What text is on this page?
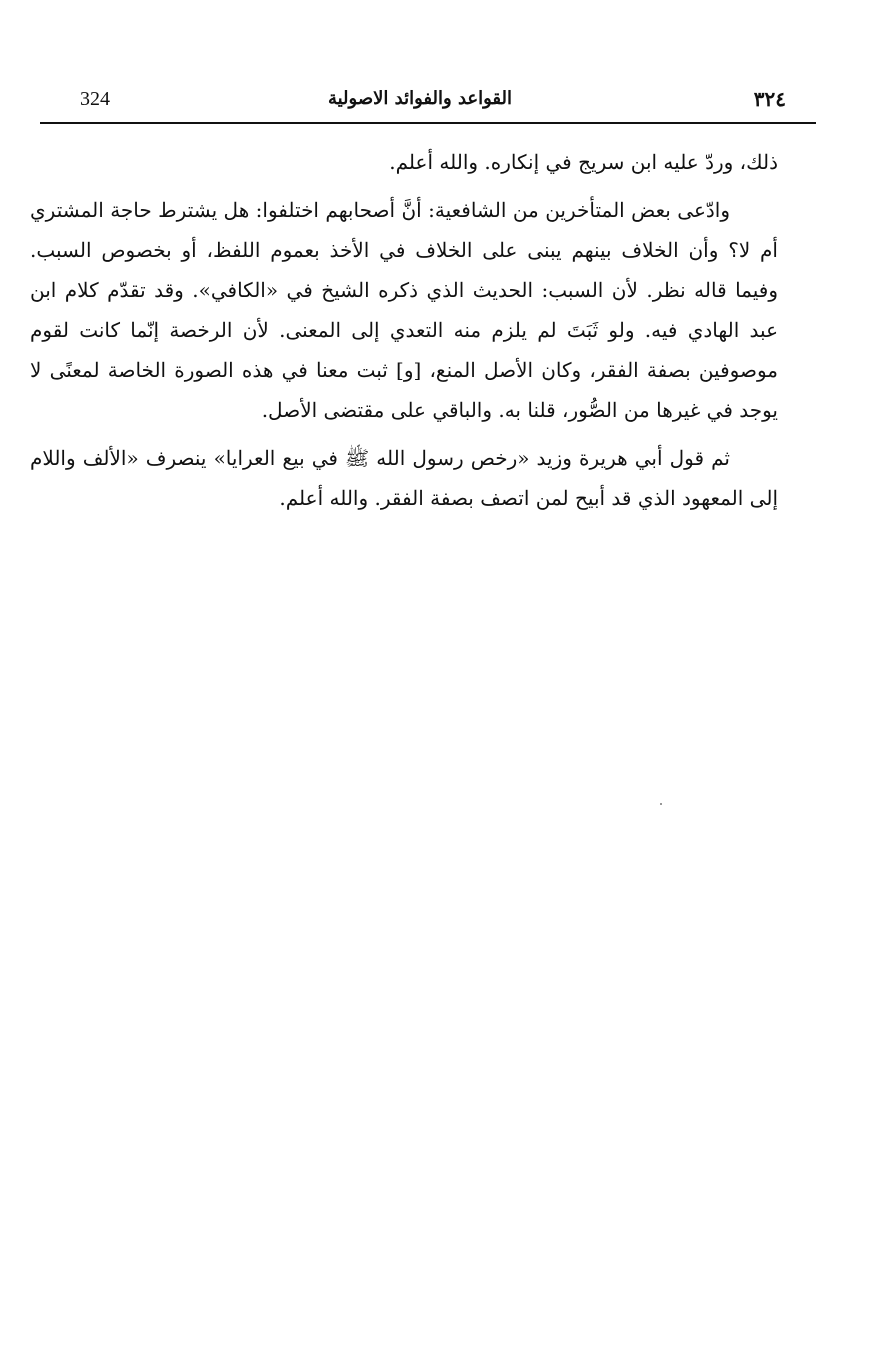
324	القواعد والفوائد الاصولية	٣٢٤

ذلك، وردّ عليه ابن سريج في إنكاره. والله أعلم.

وادّعى بعض المتأخرين من الشافعية: أنَّ أصحابهم اختلفوا: هل يشترط حاجة المشتري أم لا؟ وأن الخلاف بينهم يبنى على الخلاف في الأخذ بعموم اللفظ، أو بخصوص السبب. وفيما قاله نظر. لأن السبب: الحديث الذي ذكره الشيخ في «الكافي». وقد تقدّم كلام ابن عبد الهادي فيه. ولو ثَبَتَ لم يلزم منه التعدي إلى المعنى. لأن الرخصة إنّما كانت لقوم موصوفين بصفة الفقر، وكان الأصل المنع، [و] ثبت معنا في هذه الصورة الخاصة لمعنًى لا يوجد في غيرها من الصُّور، قلنا به. والباقي على مقتضى الأصل.

ثم قول أبي هريرة وزيد «رخص رسول الله ﷺ في بيع العرايا» ينصرف «الألف واللام إلى المعهود الذي قد أبيح لمن اتصف بصفة الفقر. والله أعلم.
